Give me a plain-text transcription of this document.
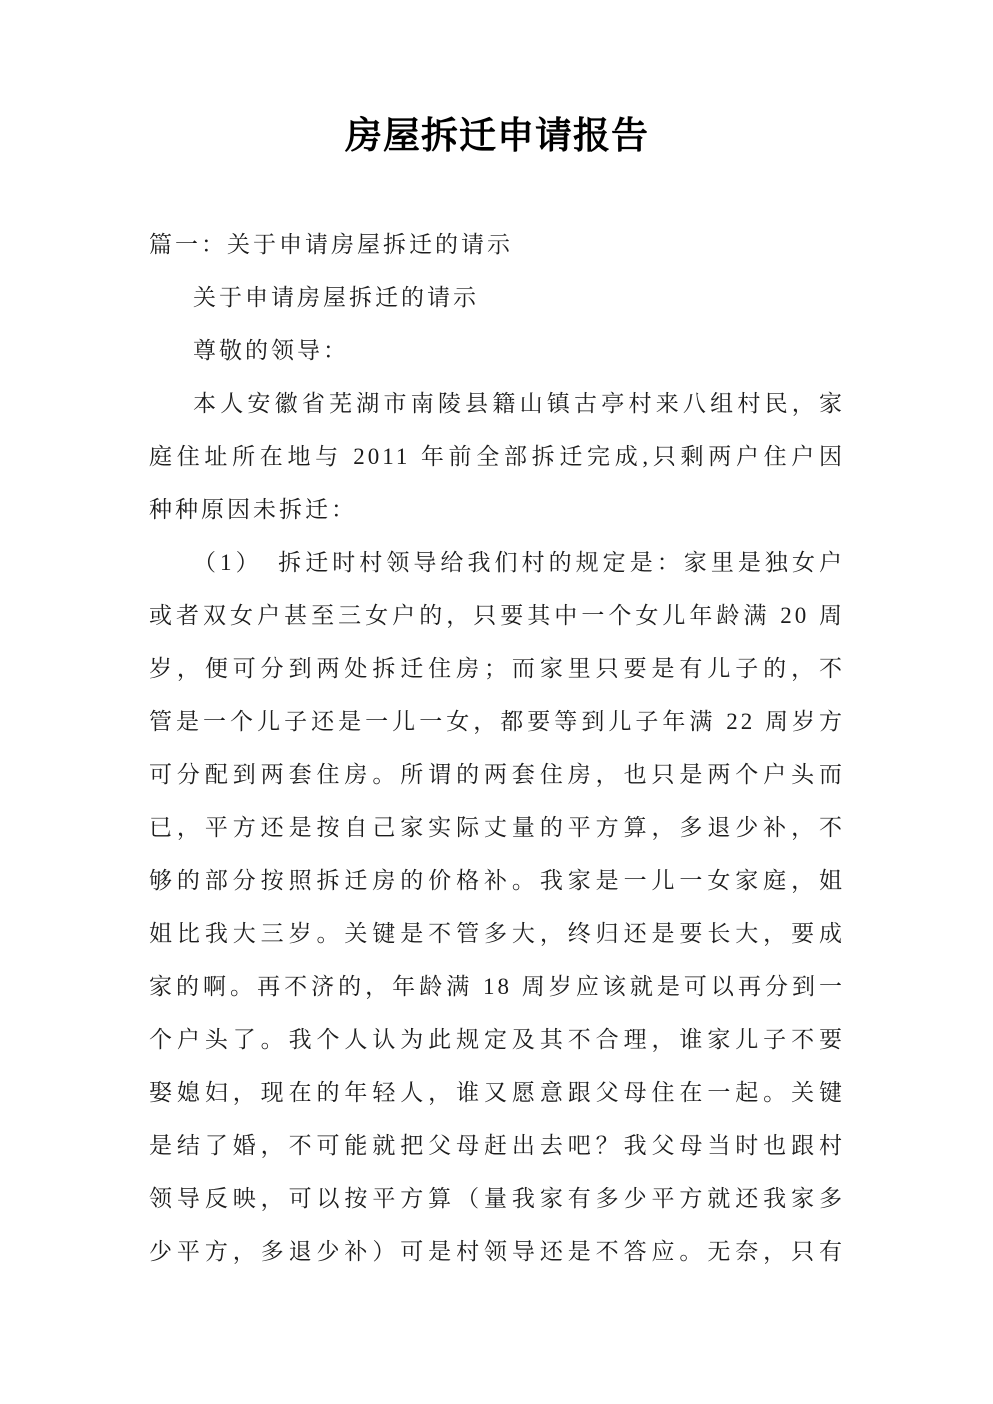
房屋拆迁申请报告
篇一：关于申请房屋拆迁的请示
关于申请房屋拆迁的请示
尊敬的领导：
本人安徽省芜湖市南陵县籍山镇古亭村来八组村民，家
庭住址所在地与 2011 年前全部拆迁完成,只剩两户住户因
种种原因未拆迁：
（1）　拆迁时村领导给我们村的规定是：家里是独女户
或者双女户甚至三女户的，只要其中一个女儿年龄满 20 周
岁，便可分到两处拆迁住房；而家里只要是有儿子的，不
管是一个儿子还是一儿一女，都要等到儿子年满 22 周岁方
可分配到两套住房。所谓的两套住房，也只是两个户头而
已，平方还是按自己家实际丈量的平方算，多退少补，不
够的部分按照拆迁房的价格补。我家是一儿一女家庭，姐
姐比我大三岁。关键是不管多大，终归还是要长大，要成
家的啊。再不济的，年龄满 18 周岁应该就是可以再分到一
个户头了。我个人认为此规定及其不合理，谁家儿子不要
娶媳妇，现在的年轻人，谁又愿意跟父母住在一起。关键
是结了婚，不可能就把父母赶出去吧？我父母当时也跟村
领导反映，可以按平方算（量我家有多少平方就还我家多
少平方，多退少补）可是村领导还是不答应。无奈，只有
